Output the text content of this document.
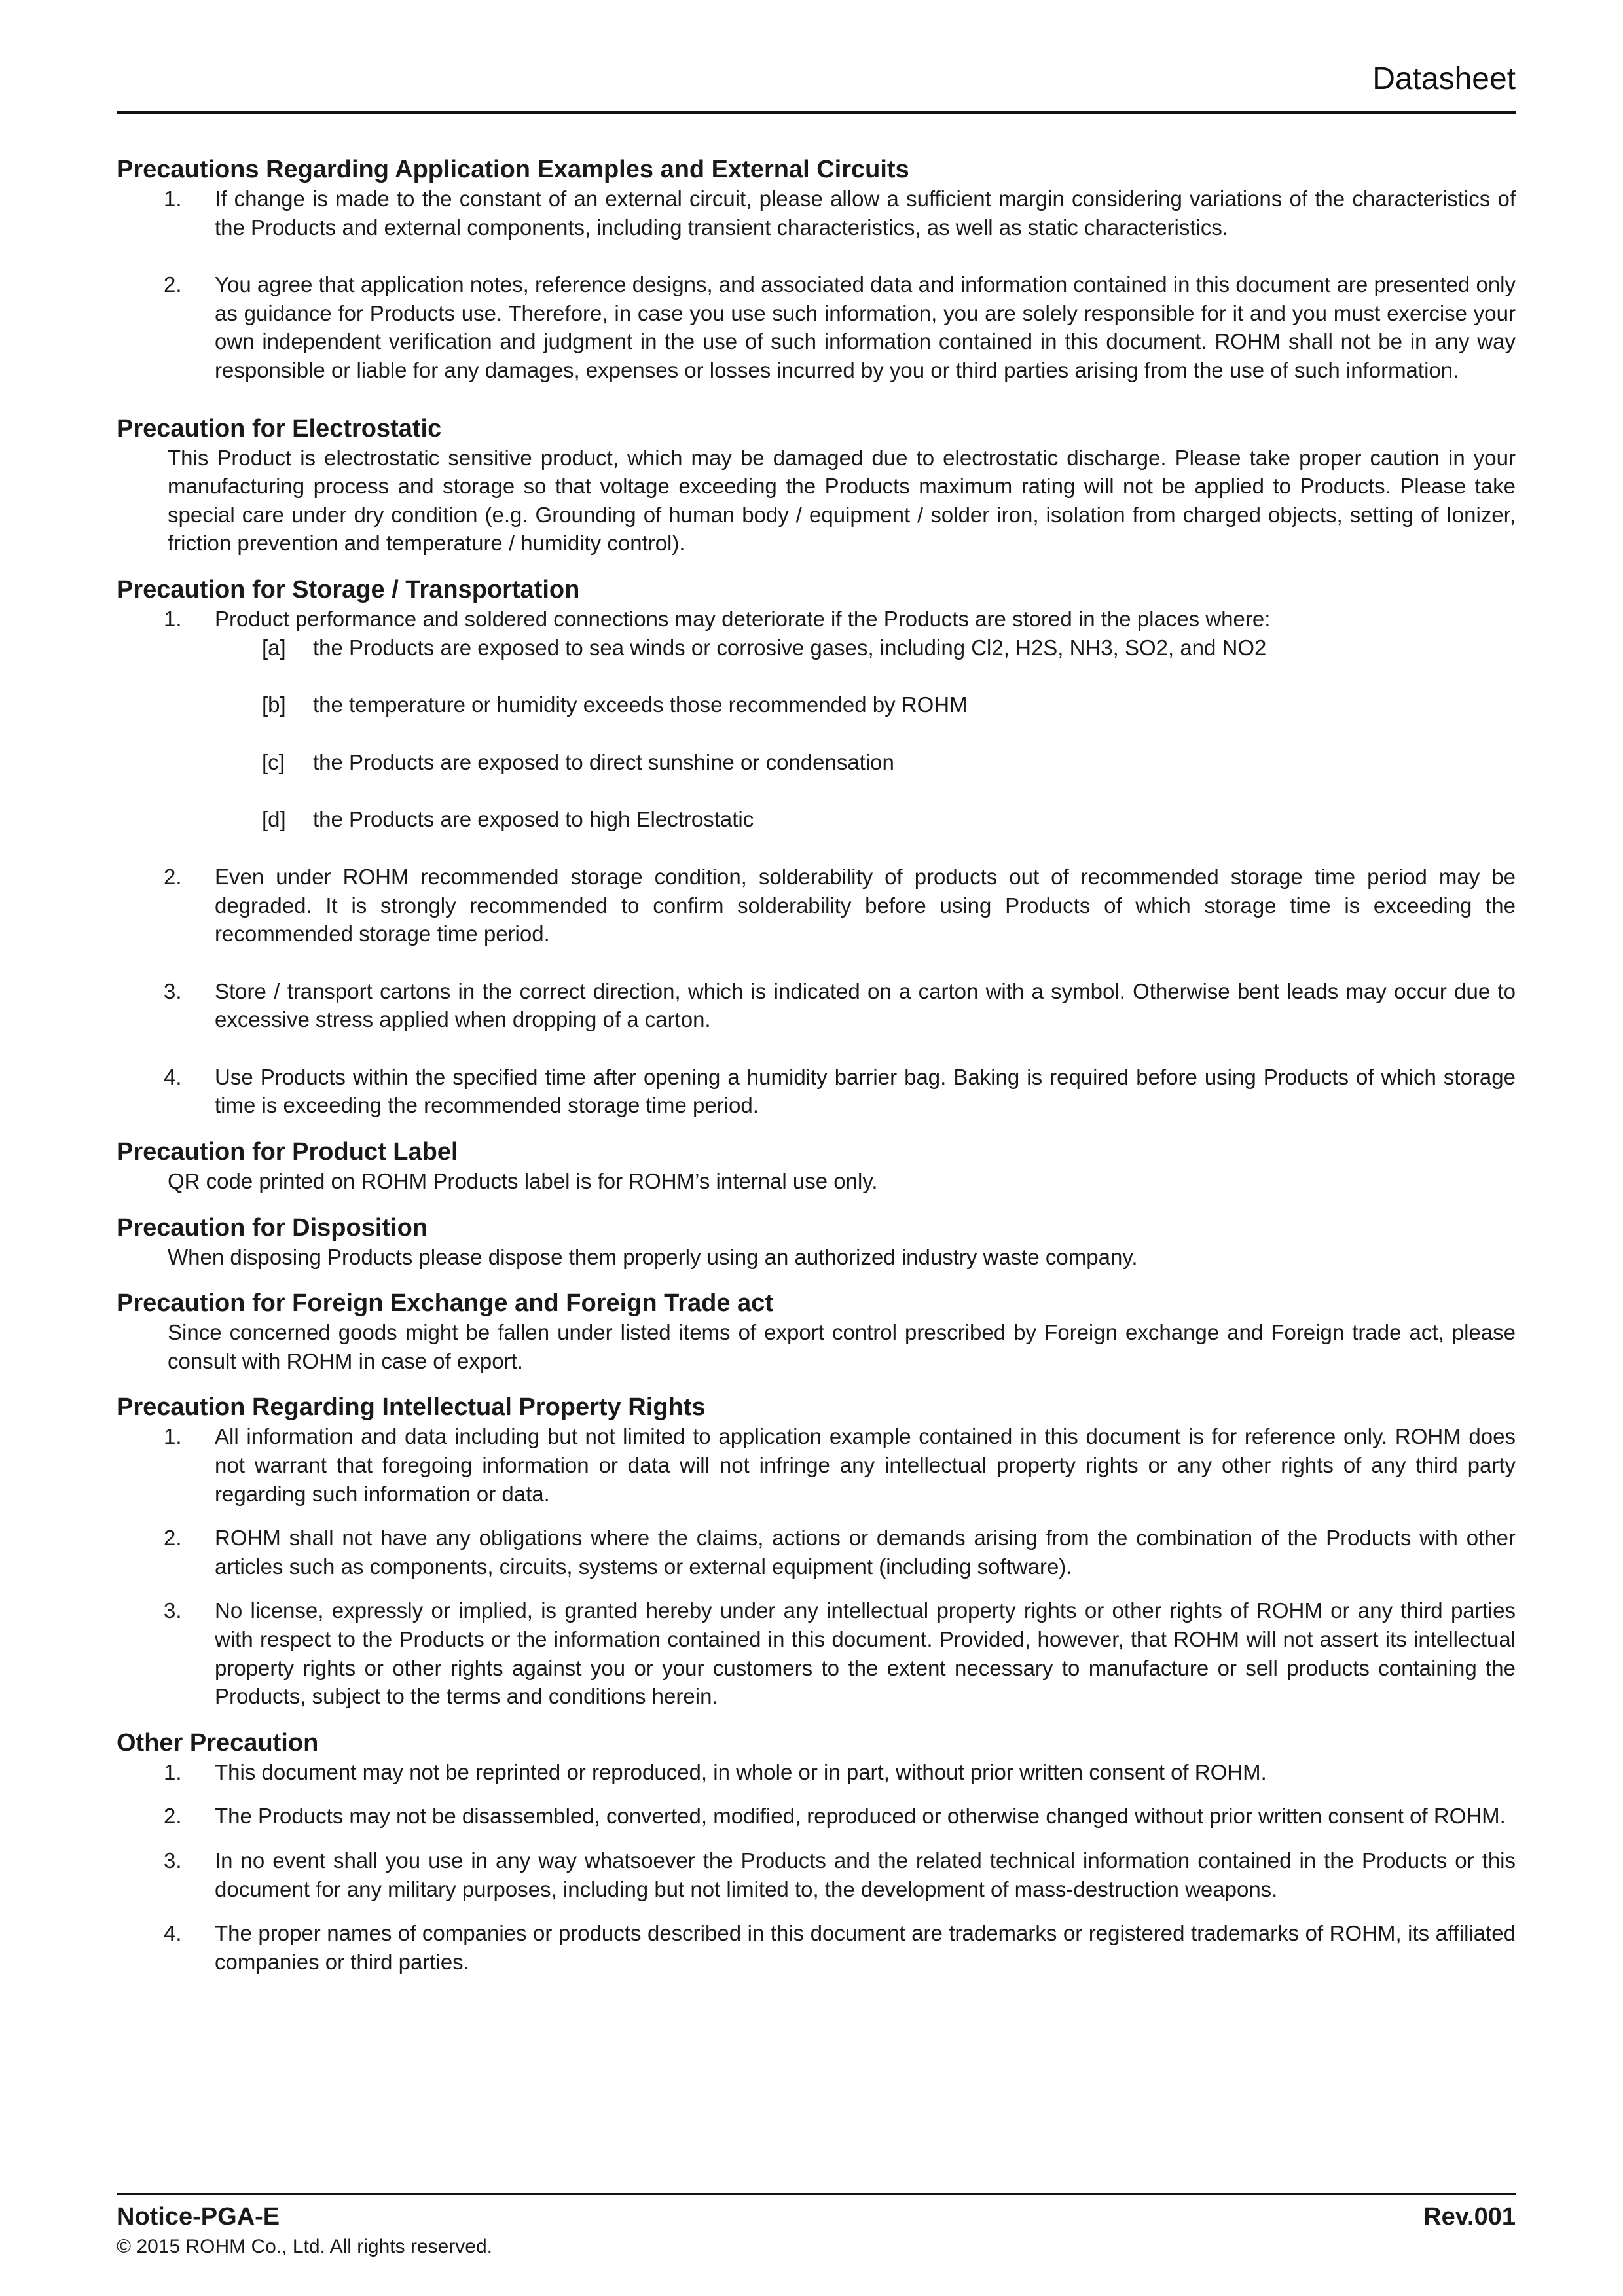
Datasheet
Precautions Regarding Application Examples and External Circuits
1. If change is made to the constant of an external circuit, please allow a sufficient margin considering variations of the characteristics of the Products and external components, including transient characteristics, as well as static characteristics.
2. You agree that application notes, reference designs, and associated data and information contained in this document are presented only as guidance for Products use. Therefore, in case you use such information, you are solely responsible for it and you must exercise your own independent verification and judgment in the use of such information contained in this document. ROHM shall not be in any way responsible or liable for any damages, expenses or losses incurred by you or third parties arising from the use of such information.
Precaution for Electrostatic
This Product is electrostatic sensitive product, which may be damaged due to electrostatic discharge. Please take proper caution in your manufacturing process and storage so that voltage exceeding the Products maximum rating will not be applied to Products. Please take special care under dry condition (e.g. Grounding of human body / equipment / solder iron, isolation from charged objects, setting of Ionizer, friction prevention and temperature / humidity control).
Precaution for Storage / Transportation
1. Product performance and soldered connections may deteriorate if the Products are stored in the places where:
[a] the Products are exposed to sea winds or corrosive gases, including Cl2, H2S, NH3, SO2, and NO2
[b] the temperature or humidity exceeds those recommended by ROHM
[c] the Products are exposed to direct sunshine or condensation
[d] the Products are exposed to high Electrostatic
2. Even under ROHM recommended storage condition, solderability of products out of recommended storage time period may be degraded. It is strongly recommended to confirm solderability before using Products of which storage time is exceeding the recommended storage time period.
3. Store / transport cartons in the correct direction, which is indicated on a carton with a symbol. Otherwise bent leads may occur due to excessive stress applied when dropping of a carton.
4. Use Products within the specified time after opening a humidity barrier bag. Baking is required before using Products of which storage time is exceeding the recommended storage time period.
Precaution for Product Label
QR code printed on ROHM Products label is for ROHM’s internal use only.
Precaution for Disposition
When disposing Products please dispose them properly using an authorized industry waste company.
Precaution for Foreign Exchange and Foreign Trade act
Since concerned goods might be fallen under listed items of export control prescribed by Foreign exchange and Foreign trade act, please consult with ROHM in case of export.
Precaution Regarding Intellectual Property Rights
1. All information and data including but not limited to application example contained in this document is for reference only. ROHM does not warrant that foregoing information or data will not infringe any intellectual property rights or any other rights of any third party regarding such information or data.
2. ROHM shall not have any obligations where the claims, actions or demands arising from the combination of the Products with other articles such as components, circuits, systems or external equipment (including software).
3. No license, expressly or implied, is granted hereby under any intellectual property rights or other rights of ROHM or any third parties with respect to the Products or the information contained in this document. Provided, however, that ROHM will not assert its intellectual property rights or other rights against you or your customers to the extent necessary to manufacture or sell products containing the Products, subject to the terms and conditions herein.
Other Precaution
1. This document may not be reprinted or reproduced, in whole or in part, without prior written consent of ROHM.
2. The Products may not be disassembled, converted, modified, reproduced or otherwise changed without prior written consent of ROHM.
3. In no event shall you use in any way whatsoever the Products and the related technical information contained in the Products or this document for any military purposes, including but not limited to, the development of mass-destruction weapons.
4. The proper names of companies or products described in this document are trademarks or registered trademarks of ROHM, its affiliated companies or third parties.
Notice-PGA-E	Rev.001
© 2015 ROHM Co., Ltd. All rights reserved.
